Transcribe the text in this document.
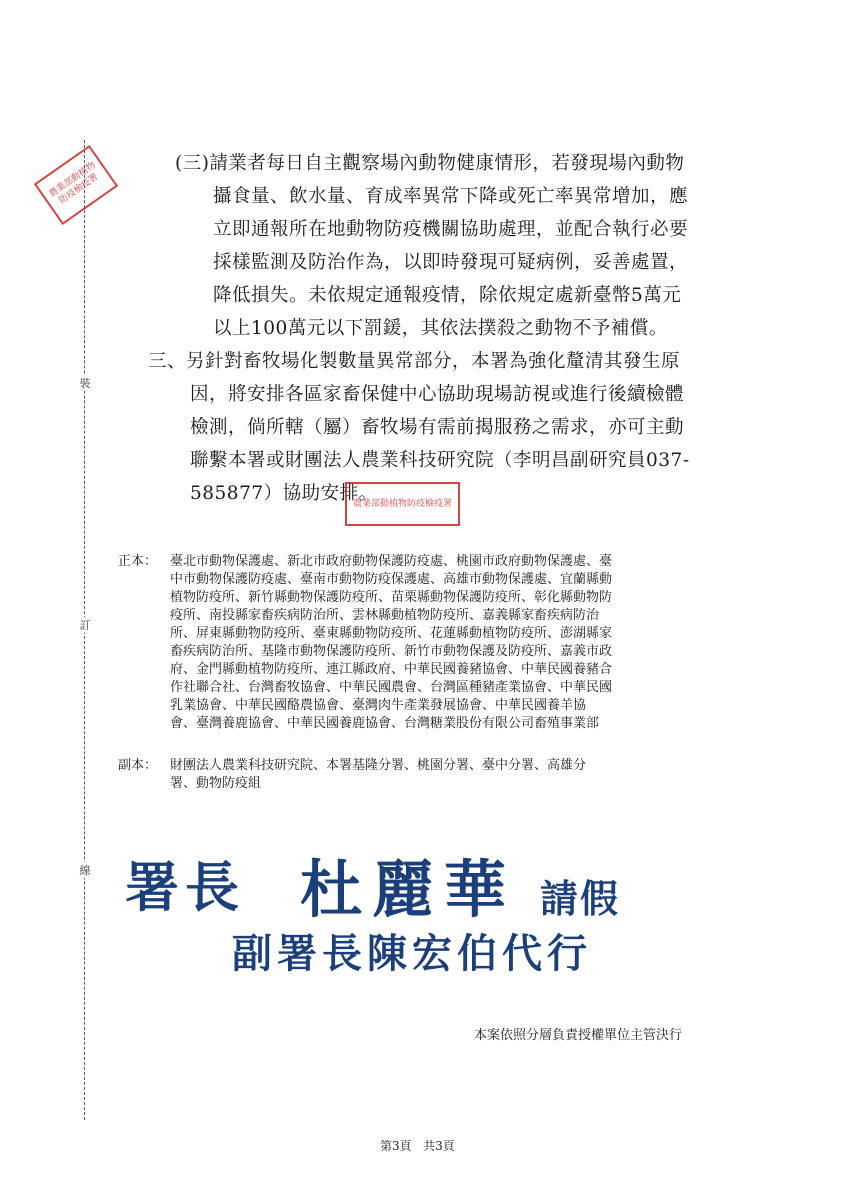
裝
訂
線
農業部動植物防疫檢疫署
(三)請業者每日自主觀察場內動物健康情形，若發現場內動物
攝食量、飲水量、育成率異常下降或死亡率異常增加，應
立即通報所在地動物防疫機關協助處理，並配合執行必要
採樣監測及防治作為，以即時發現可疑病例，妥善處置，
降低損失。未依規定通報疫情，除依規定處新臺幣5萬元
以上100萬元以下罰鍰，其依法撲殺之動物不予補償。
三、另針對畜牧場化製數量異常部分，本署為強化釐清其發生原
因，將安排各區家畜保健中心協助現場訪視或進行後續檢體
檢測，倘所轄（屬）畜牧場有需前揭服務之需求，亦可主動
聯繫本署或財團法人農業科技研究院（李明昌副研究員037-
585877）協助安排。
農業部動植物防疫檢疫署
正本： 臺北市動物保護處、新北市政府動物保護防疫處、桃園市政府動物保護處、臺
中市動物保護防疫處、臺南市動物防疫保護處、高雄市動物保護處、宜蘭縣動
植物防疫所、新竹縣動物保護防疫所、苗栗縣動物保護防疫所、彰化縣動物防
疫所、南投縣家畜疾病防治所、雲林縣動植物防疫所、嘉義縣家畜疾病防治
所、屏東縣動物防疫所、臺東縣動物防疫所、花蓮縣動植物防疫所、澎湖縣家
畜疾病防治所、基隆市動物保護防疫所、新竹市動物保護及防疫所、嘉義市政
府、金門縣動植物防疫所、連江縣政府、中華民國養豬協會、中華民國養豬合
作社聯合社、台灣畜牧協會、中華民國農會、台灣區種豬產業協會、中華民國
乳業協會、中華民國酪農協會、臺灣肉牛產業發展協會、中華民國養羊協
會、臺灣養鹿協會、中華民國養鹿協會、台灣糖業股份有限公司畜殖事業部
副本： 財團法人農業科技研究院、本署基隆分署、桃園分署、臺中分署、高雄分
署、動物防疫組
署長 杜麗華 請假
副署長陳宏伯代行
本案依照分層負責授權單位主管決行
第3頁 共3頁
